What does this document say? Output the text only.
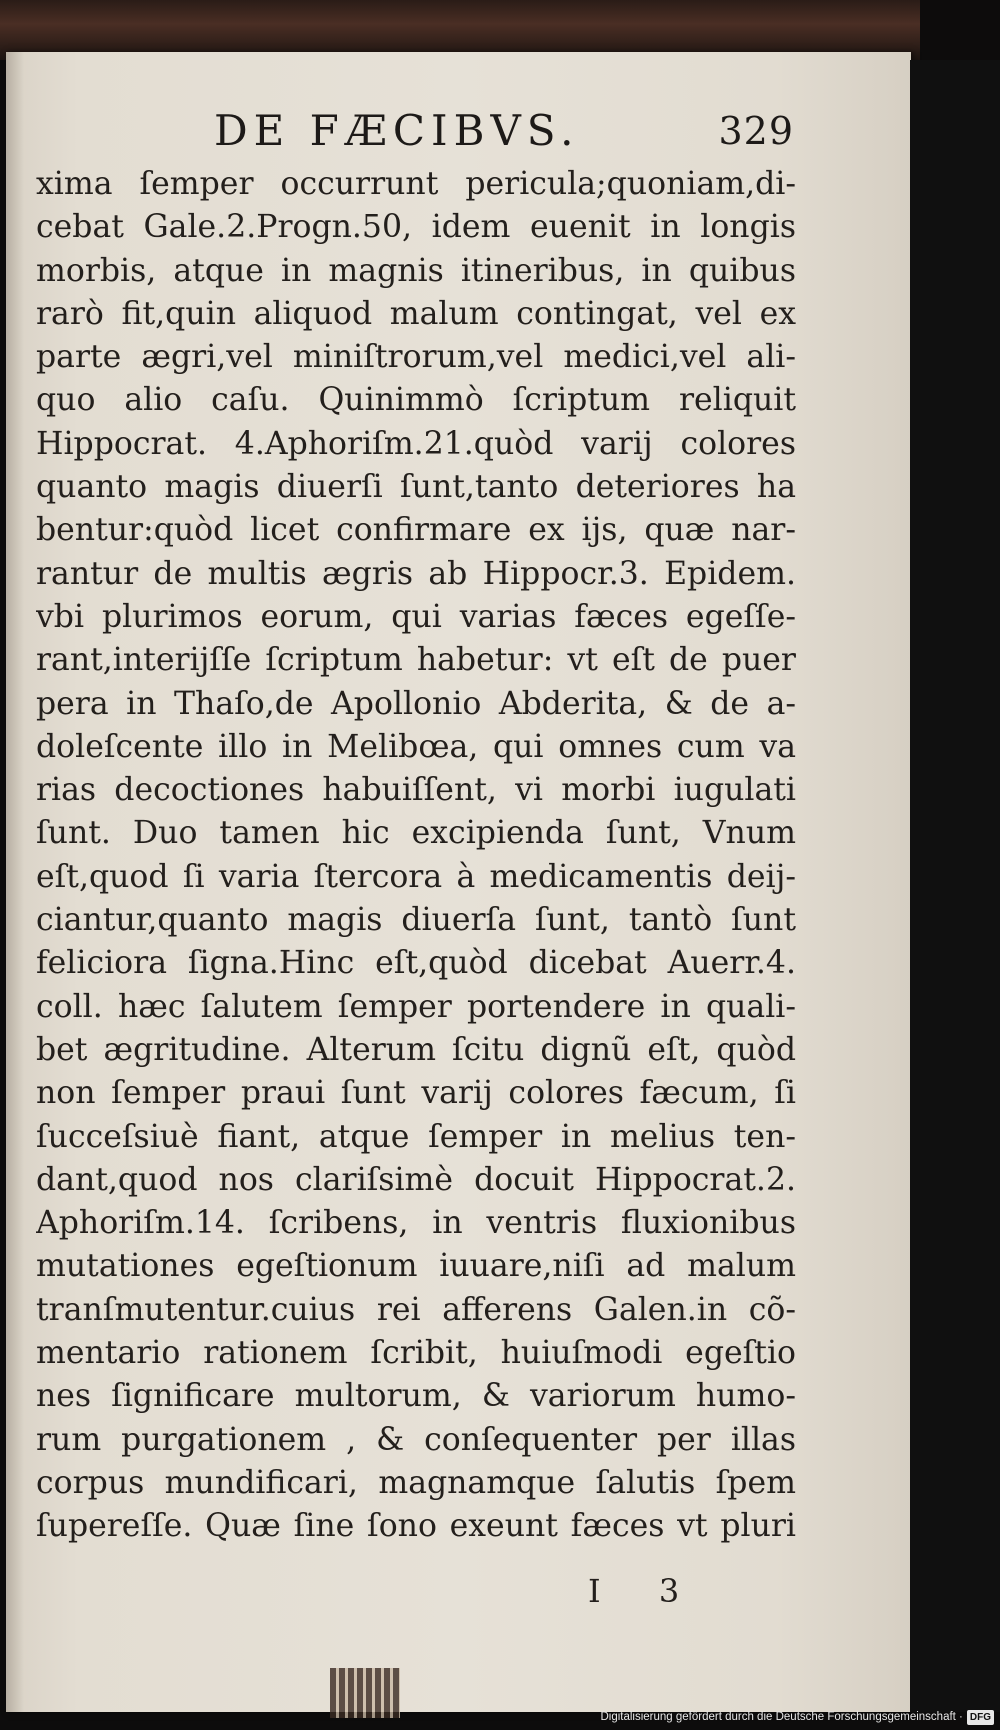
DE FÆCIBVS.	329
xima ſemper occurrunt pericula;quoniam,di-
cebat Gale.2.Progn.50, idem euenit in longis
morbis, atque in magnis itineribus, in quibus
rarò fit,quin aliquod malum contingat, vel ex
parte ægri,vel miniſtrorum,vel medici,vel ali-
quo alio caſu. Quinimmò ſcriptum reliquit
Hippocrat. 4.Aphoriſm.21.quòd varij colores
quanto magis diuerſi ſunt,tanto deteriores ha
bentur:quòd licet confirmare ex ijs, quæ nar-
rantur de multis ægris ab Hippocr.3. Epidem.
vbi plurimos eorum, qui varias fæces egeſſe-
rant,interijſſe ſcriptum habetur: vt eſt de puer
pera in Thaſo,de Apollonio Abderita, & de a-
doleſcente illo in Melibœa, qui omnes cum va
rias decoctiones habuiſſent, vi morbi iugulati
ſunt. Duo tamen hic excipienda ſunt, Vnum
eſt,quod ſi varia ſtercora à medicamentis deij-
ciantur,quanto magis diuerſa ſunt, tantò ſunt
feliciora ſigna.Hinc eſt,quòd dicebat Auerr.4.
coll. hæc ſalutem ſemper portendere in quali-
bet ægritudine. Alterum ſcitu dignũ eſt, quòd
non ſemper praui ſunt varij colores fæcum, ſi
ſucceſsiuè fiant, atque ſemper in melius ten-
dant,quod nos clariſsimè docuit Hippocrat.2.
Aphoriſm.14. ſcribens, in ventris fluxionibus
mutationes egeſtionum iuuare,niſi ad malum
tranſmutentur.cuius rei afferens Galen.in cõ-
mentario rationem ſcribit, huiuſmodi egeſtio
nes ſignificare multorum, & variorum humo-
rum purgationem , & conſequenter per illas
corpus mundificari, magnamque ſalutis ſpem
ſupereſſe. Quæ ſine ſono exeunt fæces vt pluri
I 3
Digitalisierung gefördert durch die Deutsche Forschungsgemeinschaft · DFG
